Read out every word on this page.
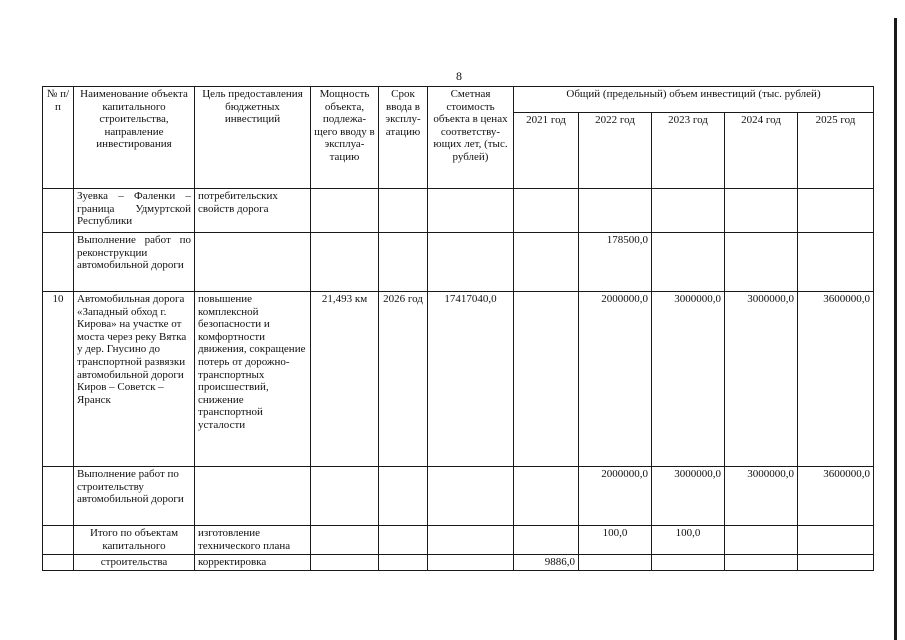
8
№ п/п	Наименование объекта капитального строительства, направление инвестирования	Цель предоставления бюджетных инвестиций	Мощность объекта, подлежа-щего вводу в эксплуа-тацию	Срок ввода в эксплу-атацию	Сметная стоимость объекта в ценах соответству-ющих лет, (тыс. рублей)	Общий (предельный) объем инвестиций (тыс. рублей)				
						2021 год	2022 год	2023 год	2024 год	2025 год
	Зуевка – Фаленки – граница Удмуртской Республики	потребительских свойств дорога								
	Выполнение работ по реконструкции автомобильной дороги						178500,0			
10	Автомобильная дорога «Западный обход г. Кирова» на участке от моста через реку Вятка у дер. Гнусино до транспортной развязки автомобильной дороги Киров – Советск – Яранск	повышение комплексной безопасности и комфортности движения, сокращение потерь от дорожно-транспортных происшествий, снижение транспортной усталости	21,493 км	2026 год	17417040,0		2000000,0	3000000,0	3000000,0	3600000,0
	Выполнение работ по строительству автомобильной дороги						2000000,0	3000000,0	3000000,0	3600000,0
	Итого по объектам капитального	изготовление технического плана					100,0	100,0		
	строительства	корректировка				9886,0				
